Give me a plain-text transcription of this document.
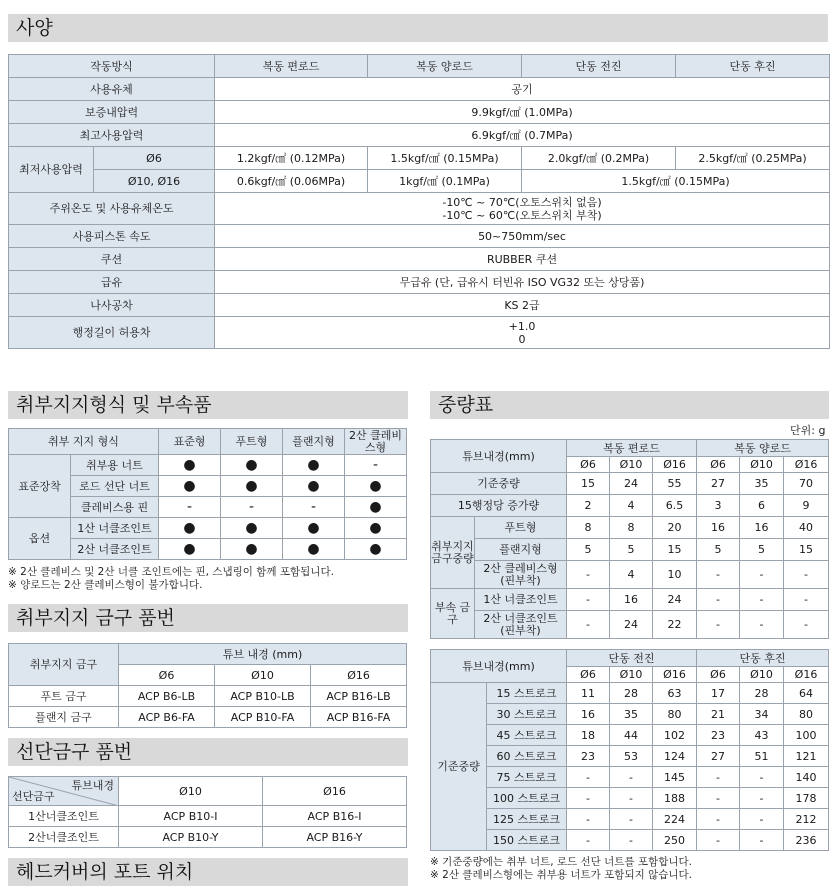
사양
작동방식		복동 편로드	복동 양로드	단동 전진	단동 후진
사용유체		공기			
보증내압력		9.9kgf/㎠ (1.0MPa)			
최고사용압력		6.9kgf/㎠ (0.7MPa)			
최저사용압력	Ø6	1.2kgf/㎠ (0.12MPa)	1.5kgf/㎠ (0.15MPa)	2.0kgf/㎠ (0.2MPa)	2.5kgf/㎠ (0.25MPa)
	Ø10, Ø16	0.6kgf/㎠ (0.06MPa)	1kgf/㎠ (0.1MPa)	1.5kgf/㎠ (0.15MPa)	
주위온도 및 사용유체온도		-10℃ ~ 70℃(오토스위치 없음)
-10℃ ~ 60℃(오토스위치 부착)			

사용피스톤 속도		50~750mm/sec			
쿠션		RUBBER 쿠션			
급유		무급유 (단, 급유시 터빈유 ISO VG32 또는 상당품)			
나사공차		KS 2급			
행정길이 허용차		+1.0
0			
취부지지형식 및 부속품
취부 지지 형식		표준형	푸트형	플랜지형	2산 클레비스형
표준장착	취부용 너트	●	●	●	-
	로드 선단 너트	●	●	●	●
	클레비스용 핀	-	-	-	●
옵션	1산 너클조인트	●	●	●	●
	2산 너클조인트	●	●	●	●
※ 2산 클레비스 및 2산 너클 조인트에는 핀, 스냅링이 함께 포함됩니다.
※ 양로드는 2산 클레비스형이 불가합니다.
취부지지 금구 품번
취부지지 금구	튜브 내경 (mm)		
	Ø6	Ø10	Ø16
푸트 금구	ACP B6-LB	ACP B10-LB	ACP B16-LB
플랜지 금구	ACP B6-FA	ACP B10-FA	ACP B16-FA
선단금구 품번
튜브내경
선단금구	Ø10	Ø16
1산너클조인트	ACP B10-I	ACP B16-I
2산너클조인트	ACP B10-Y	ACP B16-Y
헤드커버의 포트 위치
중량표
단위: g
튜브내경(mm)		복동 편로드			복동 양로드		
		Ø6	Ø10	Ø16	Ø6	Ø10	Ø16
기준중량		15	24	55	27	35	70
15행정당 증가량		2	4	6.5	3	6	9
취부지지 금구중량	푸트형	8	8	20	16	16	40
	플랜지형	5	5	15	5	5	15
	2산 클레비스형 (핀부착)	-	4	10	-	-	-
부속 금구	1산 너클조인트	-	16	24	-	-	-
	2산 너클조인트 (핀부착)	-	24	22	-	-	-
튜브내경(mm)		단동 전진			단동 후진		
		Ø6	Ø10	Ø16	Ø6	Ø10	Ø16
기준중량	15 스트로크	11	28	63	17	28	64
	30 스트로크	16	35	80	21	34	80
	45 스트로크	18	44	102	23	43	100
	60 스트로크	23	53	124	27	51	121
	75 스트로크	-	-	145	-	-	140
	100 스트로크	-	-	188	-	-	178
	125 스트로크	-	-	224	-	-	212
	150 스트로크	-	-	250	-	-	236
※ 기준중량에는 취부 너트, 로드 선단 너트를 포함합니다.
※ 2산 클레비스형에는 취부용 너트가 포함되지 않습니다.
